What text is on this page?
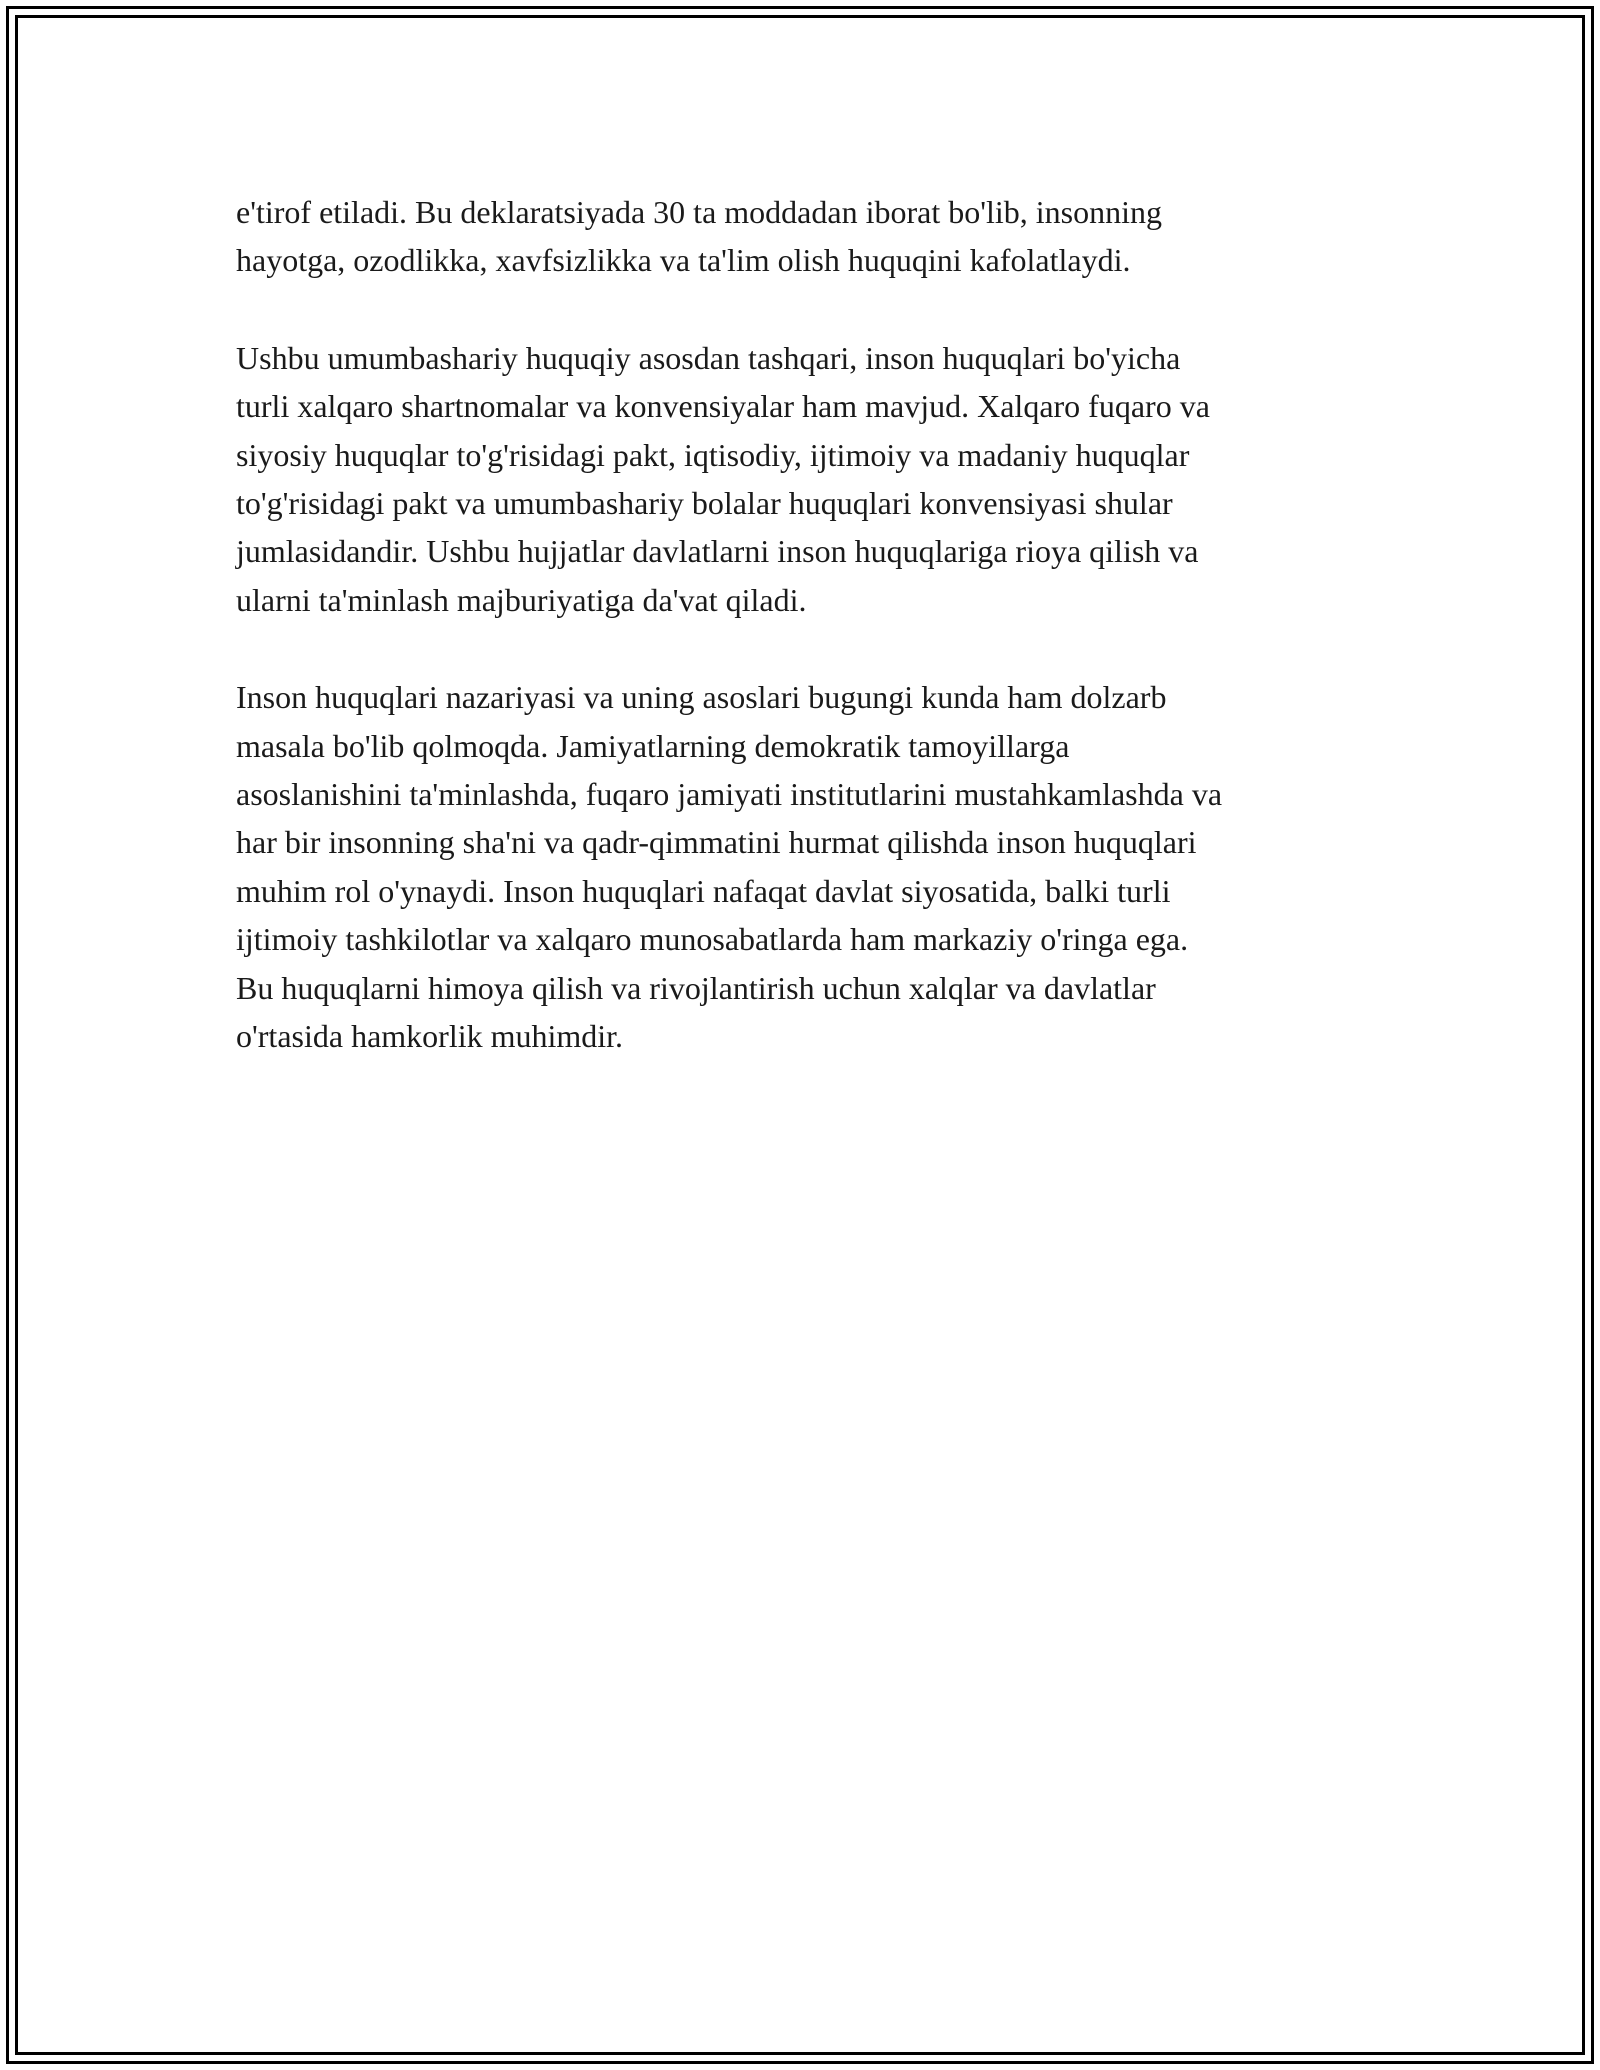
e'tirof etiladi. Bu deklaratsiyada 30 ta moddadan iborat bo'lib, insonning
hayotga, ozodlikka, xavfsizlikka va ta'lim olish huquqini kafolatlaydi.

Ushbu umumbashariy huquqiy asosdan tashqari, inson huquqlari bo'yicha
turli xalqaro shartnomalar va konvensiyalar ham mavjud. Xalqaro fuqaro va
siyosiy huquqlar to'g'risidagi pakt, iqtisodiy, ijtimoiy va madaniy huquqlar
to'g'risidagi pakt va umumbashariy bolalar huquqlari konvensiyasi shular
jumlasidandir. Ushbu hujjatlar davlatlarni inson huquqlariga rioya qilish va
ularni ta'minlash majburiyatiga da'vat qiladi.

Inson huquqlari nazariyasi va uning asoslari bugungi kunda ham dolzarb
masala bo'lib qolmoqda. Jamiyatlarning demokratik tamoyillarga
asoslanishini ta'minlashda, fuqaro jamiyati institutlarini mustahkamlashda va
har bir insonning sha'ni va qadr-qimmatini hurmat qilishda inson huquqlari
muhim rol o'ynaydi. Inson huquqlari nafaqat davlat siyosatida, balki turli
ijtimoiy tashkilotlar va xalqaro munosabatlarda ham markaziy o'ringa ega.
Bu huquqlarni himoya qilish va rivojlantirish uchun xalqlar va davlatlar
o'rtasida hamkorlik muhimdir.
